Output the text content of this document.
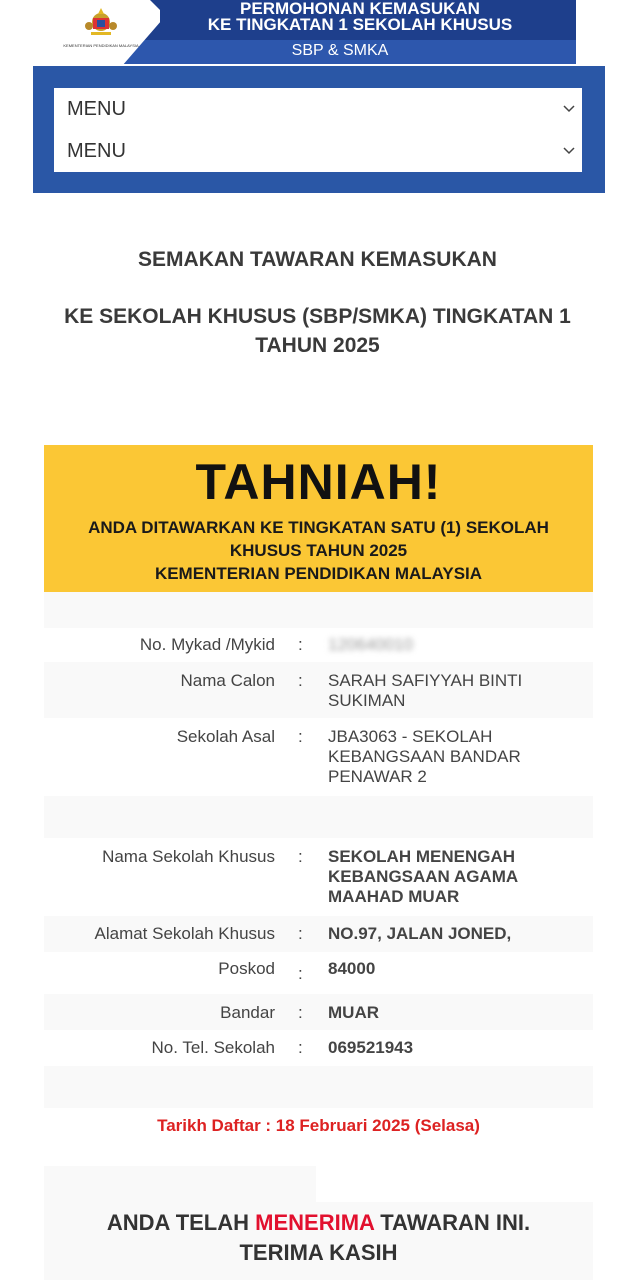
KEMENTERIAN PENDIDIKAN MALAYSIA
PERMOHONAN KEMASUKAN
KE TINGKATAN 1 SEKOLAH KHUSUS
SBP & SMKA
MENU
MENU
SEMAKAN TAWARAN KEMASUKAN
KE SEKOLAH KHUSUS (SBP/SMKA) TINGKATAN 1 TAHUN 2025
TAHNIAH!
ANDA DITAWARKAN KE TINGKATAN SATU (1) SEKOLAH KHUSUS TAHUN 2025
KEMENTERIAN PENDIDIKAN MALAYSIA
No. Mykad /Mykid : 120640010
Nama Calon : SARAH SAFIYYAH BINTI SUKIMAN
Sekolah Asal : JBA3063 - SEKOLAH KEBANGSAAN BANDAR PENAWAR 2
Nama Sekolah Khusus : SEKOLAH MENENGAH KEBANGSAAN AGAMA MAAHAD MUAR
Alamat Sekolah Khusus : NO.97, JALAN JONED,
Poskod : 84000
Bandar : MUAR
No. Tel. Sekolah : 069521943
Tarikh Daftar : 18 Februari 2025 (Selasa)
ANDA TELAH MENERIMA TAWARAN INI.
TERIMA KASIH
